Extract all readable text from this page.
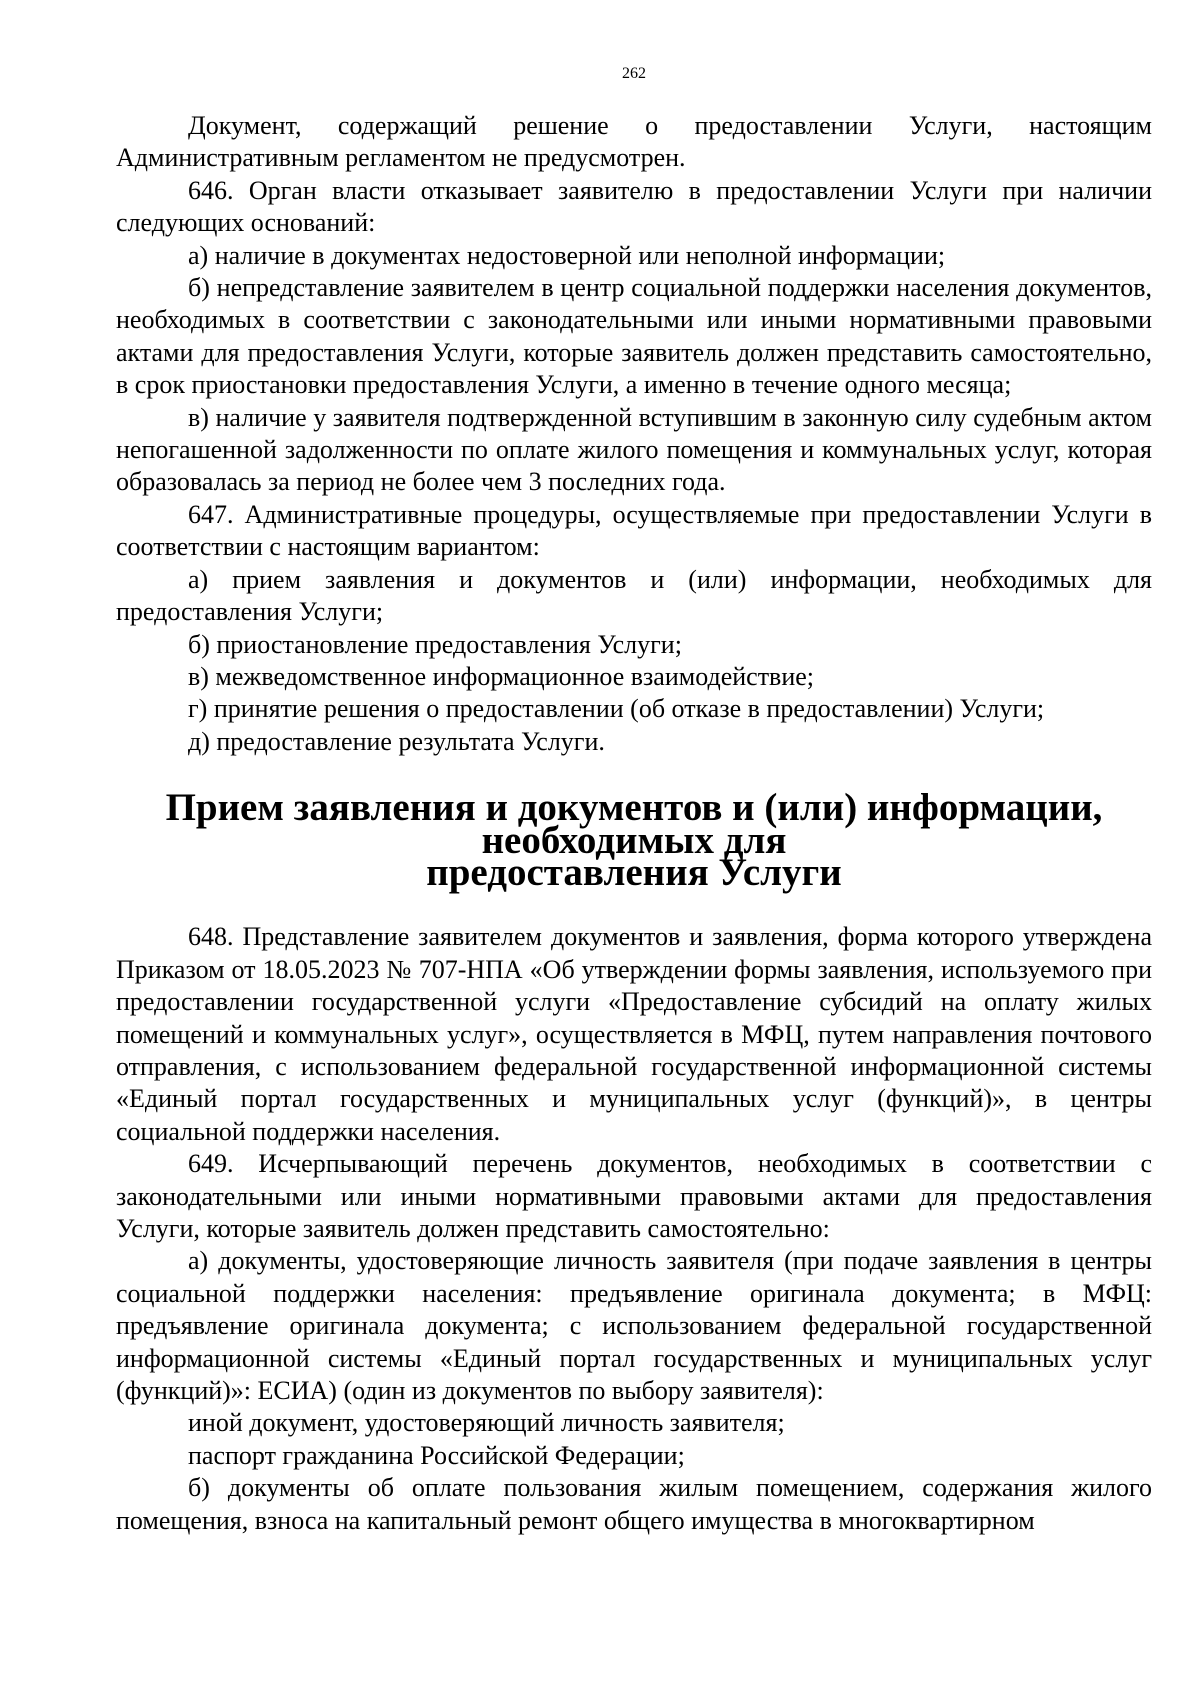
262

Документ, содержащий решение о предоставлении Услуги, настоящим Административным регламентом не предусмотрен.

646. Орган власти отказывает заявителю в предоставлении Услуги при наличии следующих оснований:

а) наличие в документах недостоверной или неполной информации;

б) непредставление заявителем в центр социальной поддержки населения документов, необходимых в соответствии с законодательными или иными нормативными правовыми актами для предоставления Услуги, которые заявитель должен представить самостоятельно, в срок приостановки предоставления Услуги, а именно в течение одного месяца;

в) наличие у заявителя подтвержденной вступившим в законную силу судебным актом непогашенной задолженности по оплате жилого помещения и коммунальных услуг, которая образовалась за период не более чем 3 последних года.

647. Административные процедуры, осуществляемые при предоставлении Услуги в соответствии с настоящим вариантом:

а) прием заявления и документов и (или) информации, необходимых для предоставления Услуги;

б) приостановление предоставления Услуги;

в) межведомственное информационное взаимодействие;

г) принятие решения о предоставлении (об отказе в предоставлении) Услуги;

д) предоставление результата Услуги.

Прием заявления и документов и (или) информации, необходимых для
предоставления Услуги

648. Представление заявителем документов и заявления, форма которого утверждена Приказом от 18.05.2023 № 707-НПА «Об утверждении формы заявления, используемого при предоставлении государственной услуги «Предоставление субсидий на оплату жилых помещений и коммунальных услуг», осуществляется в МФЦ, путем направления почтового отправления, с использованием федеральной государственной информационной системы «Единый портал государственных и муниципальных услуг (функций)», в центры социальной поддержки населения.

649. Исчерпывающий перечень документов, необходимых в соответствии с законодательными или иными нормативными правовыми актами для предоставления Услуги, которые заявитель должен представить самостоятельно:

а) документы, удостоверяющие личность заявителя (при подаче заявления в центры социальной поддержки населения: предъявление оригинала документа; в МФЦ: предъявление оригинала документа; с использованием федеральной государственной информационной системы «Единый портал государственных и муниципальных услуг (функций)»: ЕСИА) (один из документов по выбору заявителя):

иной документ, удостоверяющий личность заявителя;

паспорт гражданина Российской Федерации;

б) документы об оплате пользования жилым помещением, содержания жилого помещения, взноса на капитальный ремонт общего имущества в многоквартирном
